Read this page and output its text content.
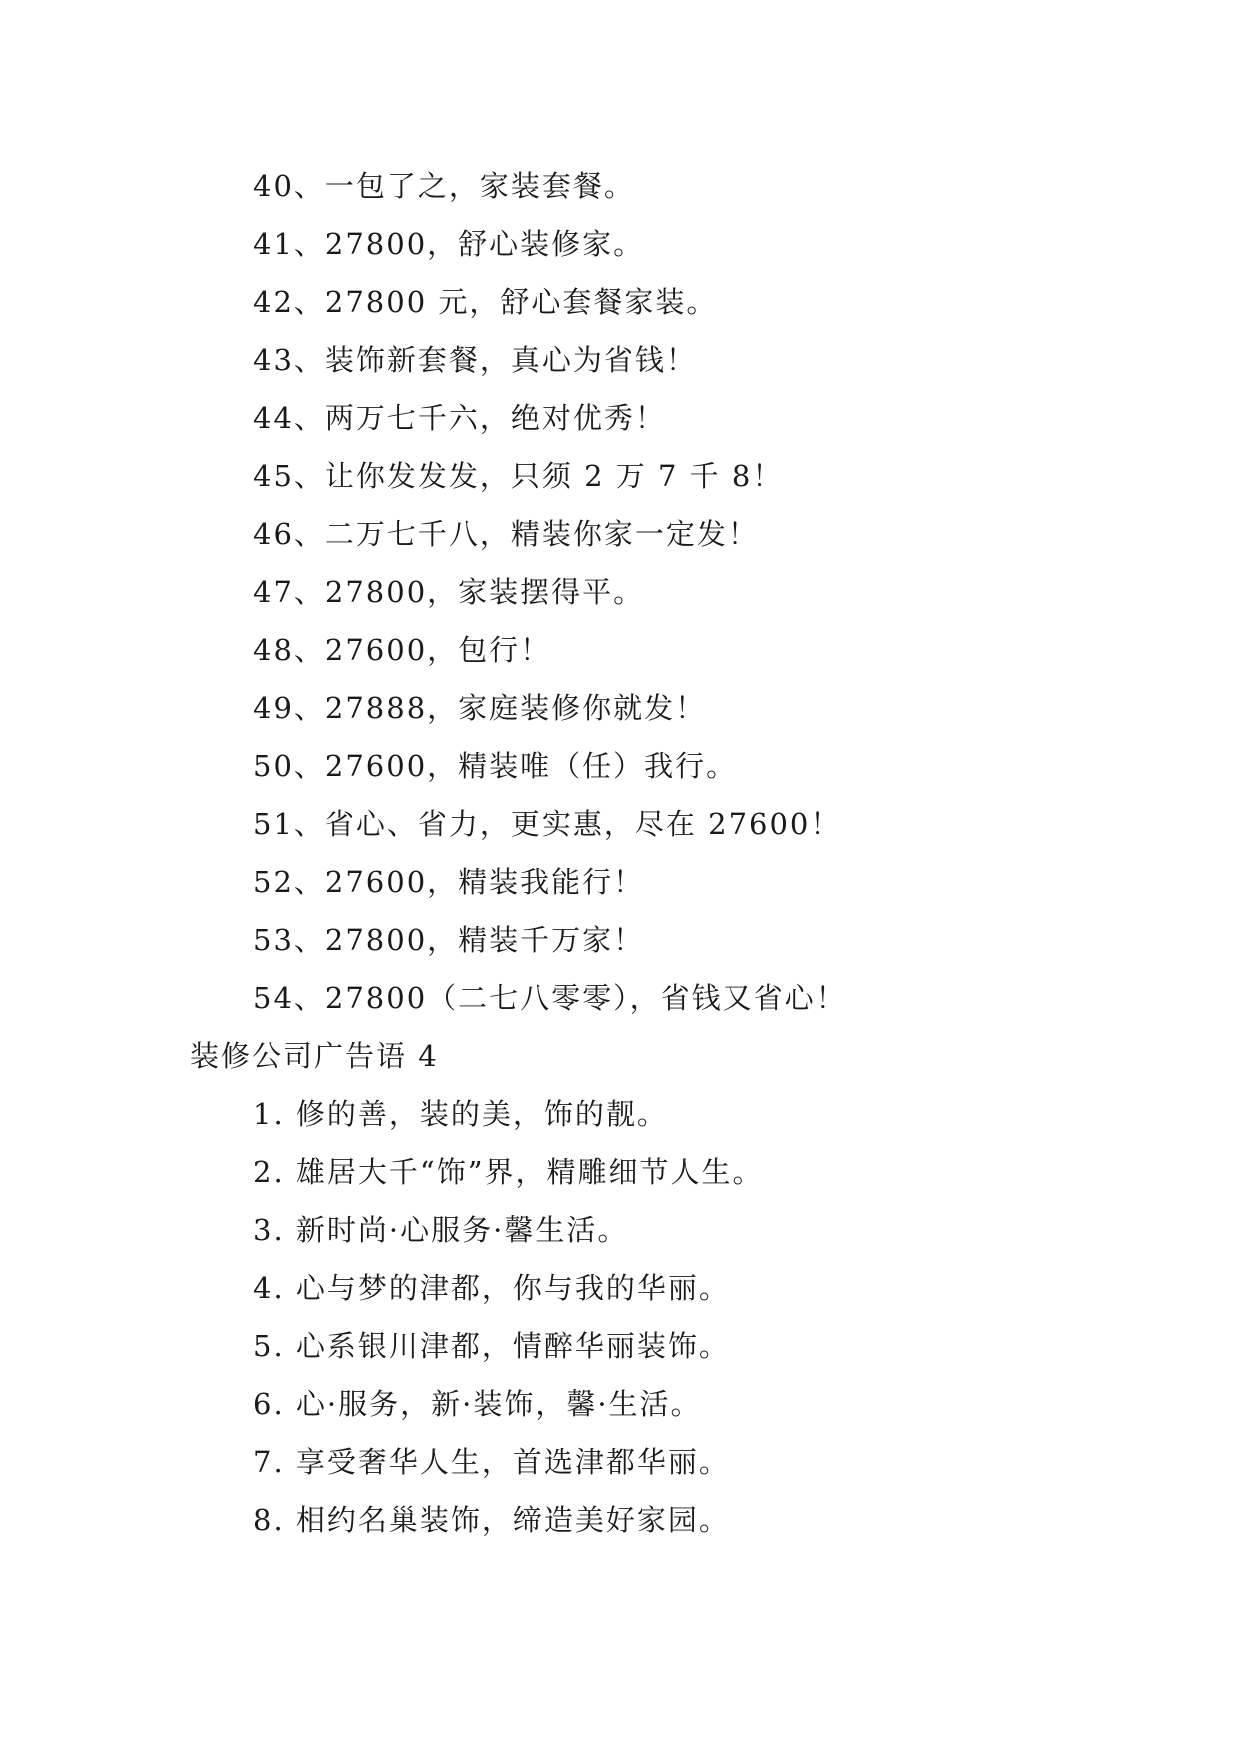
40、一包了之，家装套餐。
41、27800，舒心装修家。
42、27800 元，舒心套餐家装。
43、装饰新套餐，真心为省钱！
44、两万七千六，绝对优秀！
45、让你发发发，只须 2 万 7 千 8！
46、二万七千八，精装你家一定发！
47、27800，家装摆得平。
48、27600，包行！
49、27888，家庭装修你就发！
50、27600，精装唯（任）我行。
51、省心、省力，更实惠，尽在 27600！
52、27600，精装我能行！
53、27800，精装千万家！
54、27800（二七八零零），省钱又省心！
装修公司广告语 4
1. 修的善，装的美，饰的靓。
2. 雄居大千“饰”界，精雕细节人生。
3. 新时尚·心服务·馨生活。
4. 心与梦的津都，你与我的华丽。
5. 心系银川津都，情醉华丽装饰。
6. 心·服务，新·装饰，馨·生活。
7. 享受奢华人生，首选津都华丽。
8. 相约名巢装饰，缔造美好家园。
